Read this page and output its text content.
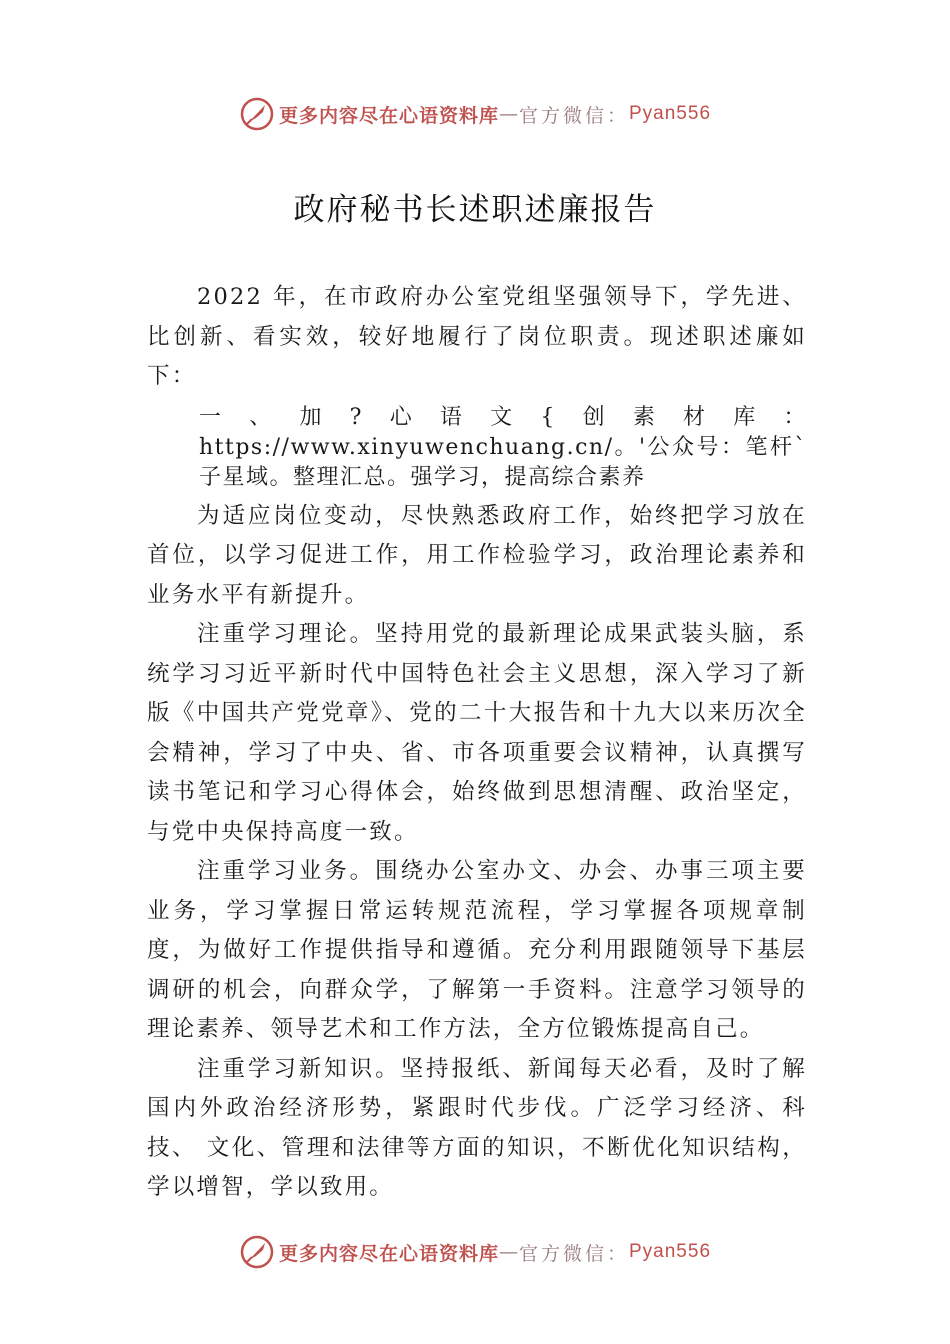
更多内容尽在心语资料库 — 官方微信： Pyan556
政府秘书长述职述廉报告

2022 年，在市政府办公室党组坚强领导下，学先进、比创新、看实效，较好地履行了岗位职责。现述职述廉如下：

一、加?心语文{创素材库：https://www.xinyuwenchuang.cn/。'公众号：笔杆`子星域。整理汇总。强学习，提高综合素养

为适应岗位变动，尽快熟悉政府工作，始终把学习放在首位，以学习促进工作，用工作检验学习，政治理论素养和业务水平有新提升。

注重学习理论。坚持用党的最新理论成果武装头脑，系统学习习近平新时代中国特色社会主义思想，深入学习了新版《中国共产党党章》、党的二十大报告和十九大以来历次全会精神，学习了中央、省、市各项重要会议精神，认真撰写读书笔记和学习心得体会，始终做到思想清醒、政治坚定， 与党中央保持高度一致。

注重学习业务。围绕办公室办文、办会、办事三项主要业务，学习掌握日常运转规范流程，学习掌握各项规章制度，为做好工作提供指导和遵循。充分利用跟随领导下基层调研的机会，向群众学，了解第一手资料。注意学习领导的理论素养、领导艺术和工作方法，全方位锻炼提高自己。

注重学习新知识。坚持报纸、新闻每天必看，及时了解国内外政治经济形势，紧跟时代步伐。广泛学习经济、科技、 文化、管理和法律等方面的知识，不断优化知识结构，学以增智，学以致用。

更多内容尽在心语资料库 — 官方微信： Pyan556
